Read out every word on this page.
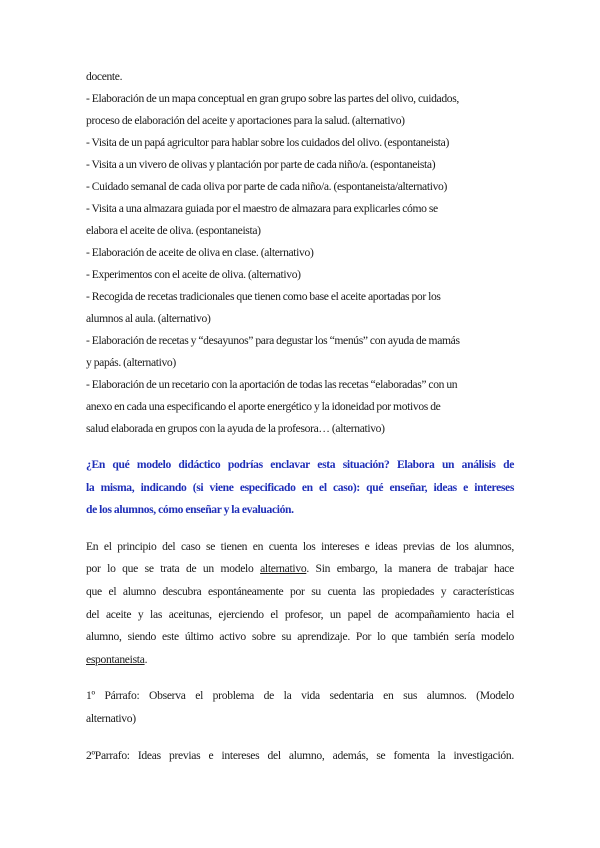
docente.
- Elaboración de un mapa conceptual en gran grupo sobre las partes del olivo, cuidados,
proceso de elaboración del aceite y aportaciones para la salud. (alternativo)
- Visita de un papá agricultor para hablar sobre los cuidados del olivo. (espontaneista)
- Visita a un vivero de olivas y plantación por parte de cada niño/a. (espontaneista)
- Cuidado semanal de cada oliva por parte de cada niño/a. (espontaneista/alternativo)
- Visita a una almazara guiada por el maestro de almazara para explicarles cómo se
elabora el aceite de oliva. (espontaneista)
- Elaboración de aceite de oliva en clase. (alternativo)
- Experimentos con el aceite de oliva. (alternativo)
- Recogida de recetas tradicionales que tienen como base el aceite aportadas por los
alumnos al aula. (alternativo)
- Elaboración de recetas y “desayunos” para degustar los “menús” con ayuda de mamás
y papás. (alternativo)
- Elaboración de un recetario con la aportación de todas las recetas “elaboradas” con un
anexo en cada una especificando el aporte energético y la idoneidad por motivos de
salud elaborada en grupos con la ayuda de la profesora… (alternativo)
¿En qué modelo didáctico podrías enclavar esta situación? Elabora un análisis de
la misma, indicando (si viene especificado en el caso): qué enseñar, ideas e intereses
de los alumnos, cómo enseñar y la evaluación.
En el principio del caso se tienen en cuenta los intereses e ideas previas de los alumnos,
por lo que se trata de un modelo alternativo. Sin embargo, la manera de trabajar hace
que el alumno descubra espontáneamente por su cuenta las propiedades y características
del aceite y las aceitunas, ejerciendo el profesor, un papel de acompañamiento hacia el
alumno, siendo este último activo sobre su aprendizaje. Por lo que también sería modelo
espontaneista.
1º Párrafo: Observa el problema de la vida sedentaria en sus alumnos. (Modelo
alternativo)
2ºParrafo: Ideas previas e intereses del alumno, además, se fomenta la investigación.
